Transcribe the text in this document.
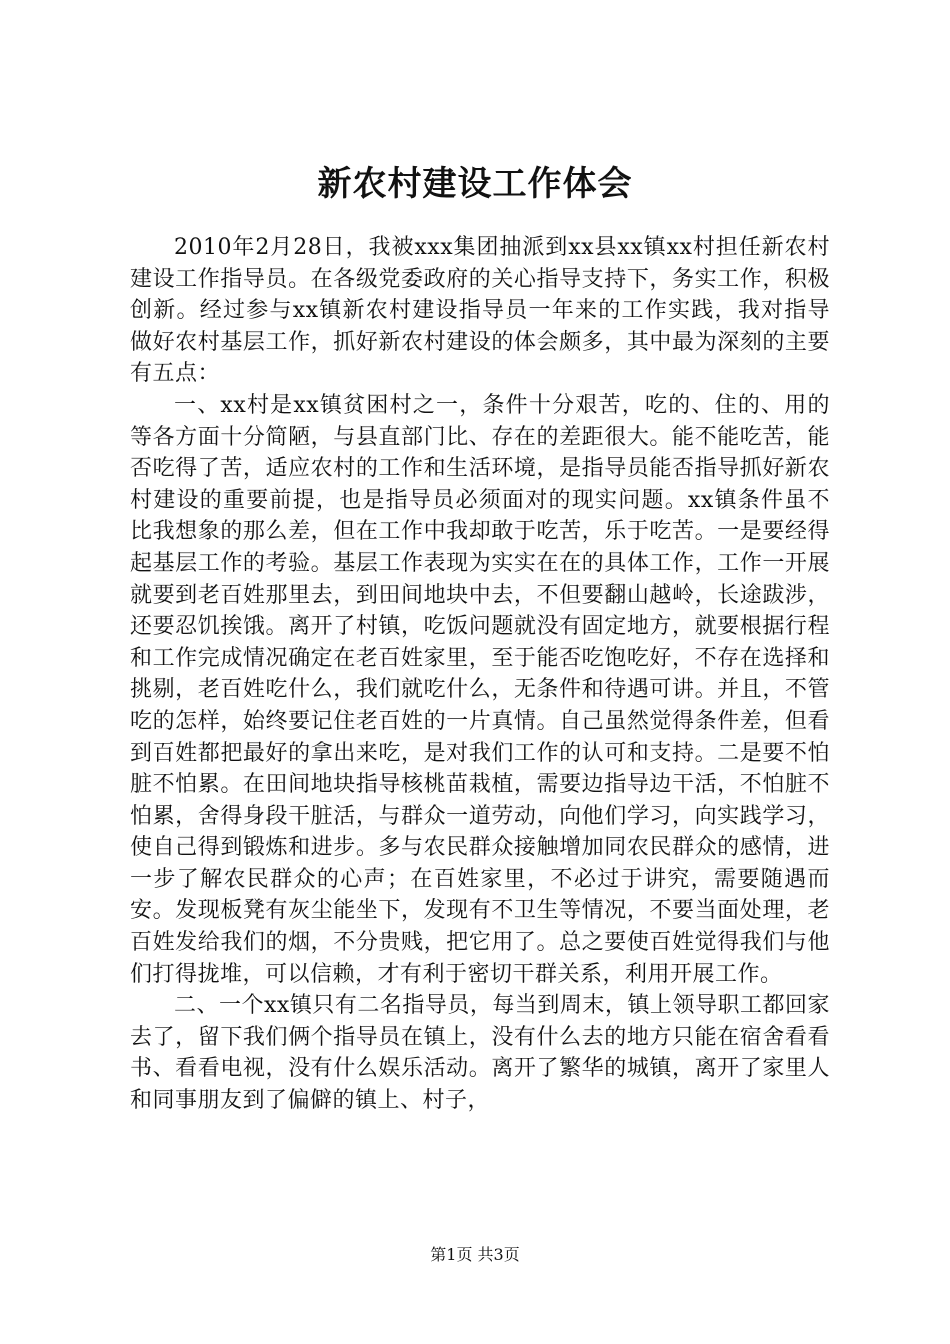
新农村建设工作体会

2010年2月28日，我被xxx集团抽派到xx县xx镇xx村担任新农村建设工作指导员。在各级党委政府的关心指导支持下，务实工作，积极创新。经过参与xx镇新农村建设指导员一年来的工作实践，我对指导做好农村基层工作，抓好新农村建设的体会颇多，其中最为深刻的主要有五点：

一、xx村是xx镇贫困村之一，条件十分艰苦，吃的、住的、用的等各方面十分简陋，与县直部门比、存在的差距很大。能不能吃苦，能否吃得了苦，适应农村的工作和生活环境，是指导员能否指导抓好新农村建设的重要前提，也是指导员必须面对的现实问题。xx镇条件虽不比我想象的那么差，但在工作中我却敢于吃苦，乐于吃苦。一是要经得起基层工作的考验。基层工作表现为实实在在的具体工作，工作一开展就要到老百姓那里去，到田间地块中去，不但要翻山越岭，长途跋涉，还要忍饥挨饿。离开了村镇，吃饭问题就没有固定地方，就要根据行程和工作完成情况确定在老百姓家里，至于能否吃饱吃好，不存在选择和挑剔，老百姓吃什么，我们就吃什么，无条件和待遇可讲。并且，不管吃的怎样，始终要记住老百姓的一片真情。自己虽然觉得条件差，但看到百姓都把最好的拿出来吃，是对我们工作的认可和支持。二是要不怕脏不怕累。在田间地块指导核桃苗栽植，需要边指导边干活，不怕脏不怕累，舍得身段干脏活，与群众一道劳动，向他们学习，向实践学习，使自己得到锻炼和进步。多与农民群众接触增加同农民群众的感情，进一步了解农民群众的心声；在百姓家里，不必过于讲究，需要随遇而安。发现板凳有灰尘能坐下，发现有不卫生等情况，不要当面处理，老百姓发给我们的烟，不分贵贱，把它用了。总之要使百姓觉得我们与他们打得拢堆，可以信赖，才有利于密切干群关系，利用开展工作。

二、一个xx镇只有二名指导员，每当到周末，镇上领导职工都回家去了，留下我们俩个指导员在镇上，没有什么去的地方只能在宿舍看看书、看看电视，没有什么娱乐活动。离开了繁华的城镇，离开了家里人和同事朋友到了偏僻的镇上、村子，

第1页 共3页
